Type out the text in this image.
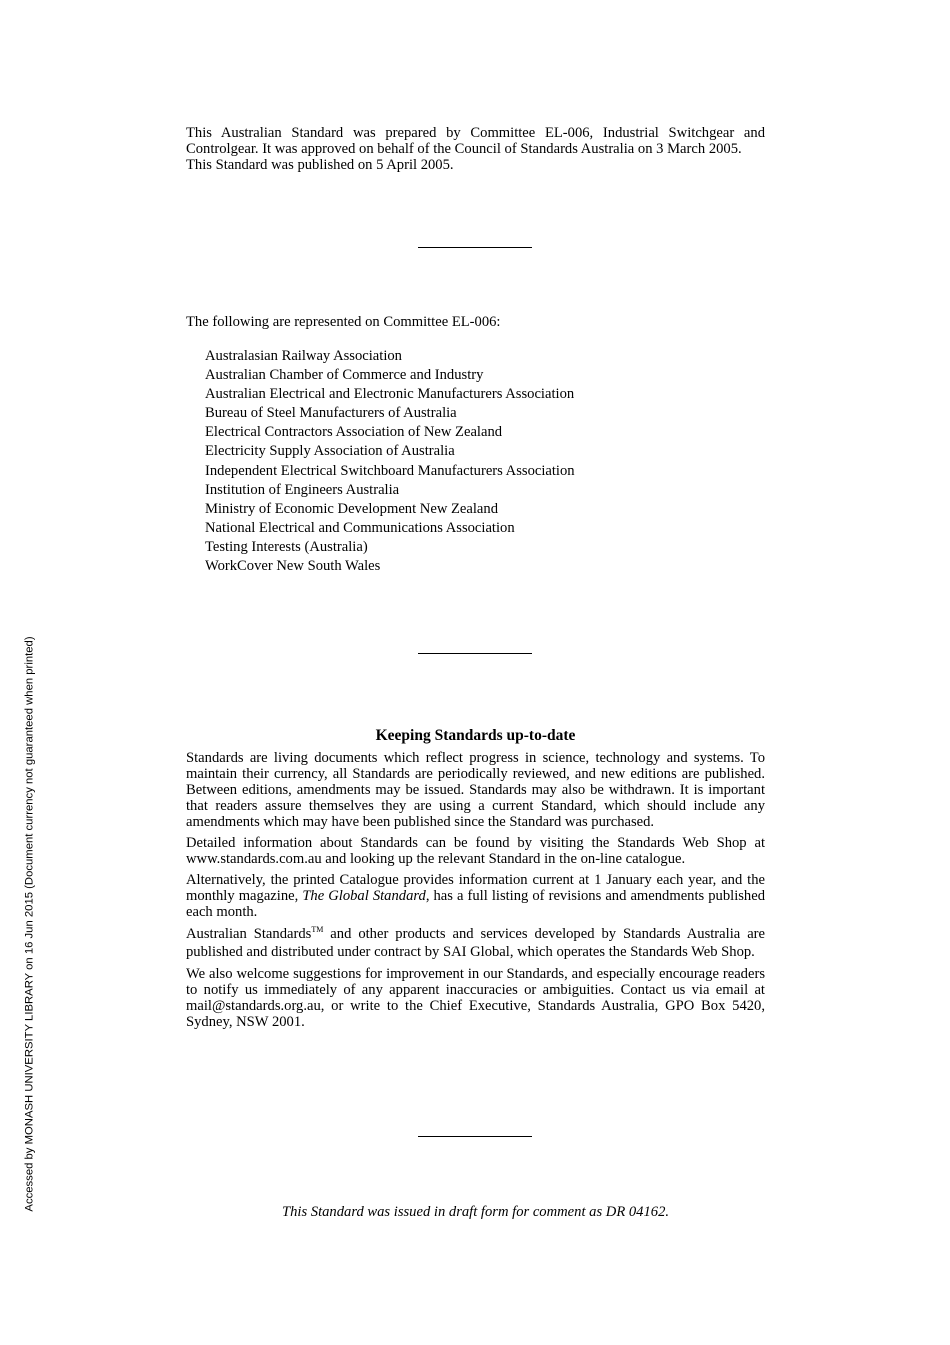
This Australian Standard was prepared by Committee EL-006, Industrial Switchgear and Controlgear. It was approved on behalf of the Council of Standards Australia on 3 March 2005.
This Standard was published on 5 April 2005.
The following are represented on Committee EL-006:
Australasian Railway Association
Australian Chamber of Commerce and Industry
Australian Electrical and Electronic Manufacturers Association
Bureau of Steel Manufacturers of Australia
Electrical Contractors Association of New Zealand
Electricity Supply Association of Australia
Independent Electrical Switchboard Manufacturers Association
Institution of Engineers Australia
Ministry of Economic Development New Zealand
National Electrical and Communications Association
Testing Interests (Australia)
WorkCover New South Wales
Keeping Standards up-to-date

Standards are living documents which reflect progress in science, technology and systems. To maintain their currency, all Standards are periodically reviewed, and new editions are published. Between editions, amendments may be issued. Standards may also be withdrawn. It is important that readers assure themselves they are using a current Standard, which should include any amendments which may have been published since the Standard was purchased.

Detailed information about Standards can be found by visiting the Standards Web Shop at www.standards.com.au and looking up the relevant Standard in the on-line catalogue.

Alternatively, the printed Catalogue provides information current at 1 January each year, and the monthly magazine, The Global Standard, has a full listing of revisions and amendments published each month.

Australian Standards™ and other products and services developed by Standards Australia are published and distributed under contract by SAI Global, which operates the Standards Web Shop.

We also welcome suggestions for improvement in our Standards, and especially encourage readers to notify us immediately of any apparent inaccuracies or ambiguities. Contact us via email at mail@standards.org.au, or write to the Chief Executive, Standards Australia, GPO Box 5420, Sydney, NSW 2001.

This Standard was issued in draft form for comment as DR 04162.
Accessed by MONASH UNIVERSITY LIBRARY on 16 Jun 2015 (Document currency not guaranteed when printed)
